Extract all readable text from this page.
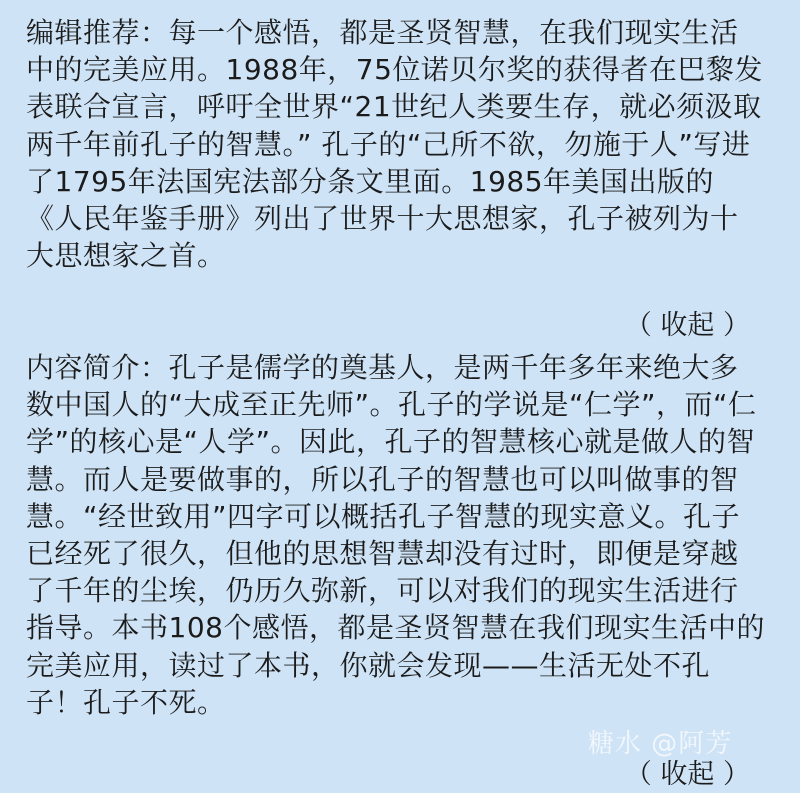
编辑推荐：每一个感悟，都是圣贤智慧，在我们现实生活中的完美应用。1988年，75位诺贝尔奖的获得者在巴黎发表联合宣言，呼吁全世界“21世纪人类要生存，就必须汲取两千年前孔子的智慧。” 孔子的“己所不欲，勿施于人”写进了1795年法国宪法部分条文里面。1985年美国出版的《人民年鉴手册》列出了世界十大思想家，孔子被列为十大思想家之首。
（ 收起 ）
内容简介：孔子是儒学的奠基人，是两千年多年来绝大多数中国人的“大成至正先师”。孔子的学说是“仁学”，而“仁学”的核心是“人学”。因此，孔子的智慧核心就是做人的智慧。而人是要做事的，所以孔子的智慧也可以叫做事的智慧。“经世致用”四字可以概括孔子智慧的现实意义。孔子已经死了很久，但他的思想智慧却没有过时，即便是穿越了千年的尘埃，仍历久弥新，可以对我们的现实生活进行指导。本书108个感悟，都是圣贤智慧在我们现实生活中的完美应用，读过了本书，你就会发现——生活无处不孔子！孔子不死。
（ 收起 ）
糖水 @阿芳
